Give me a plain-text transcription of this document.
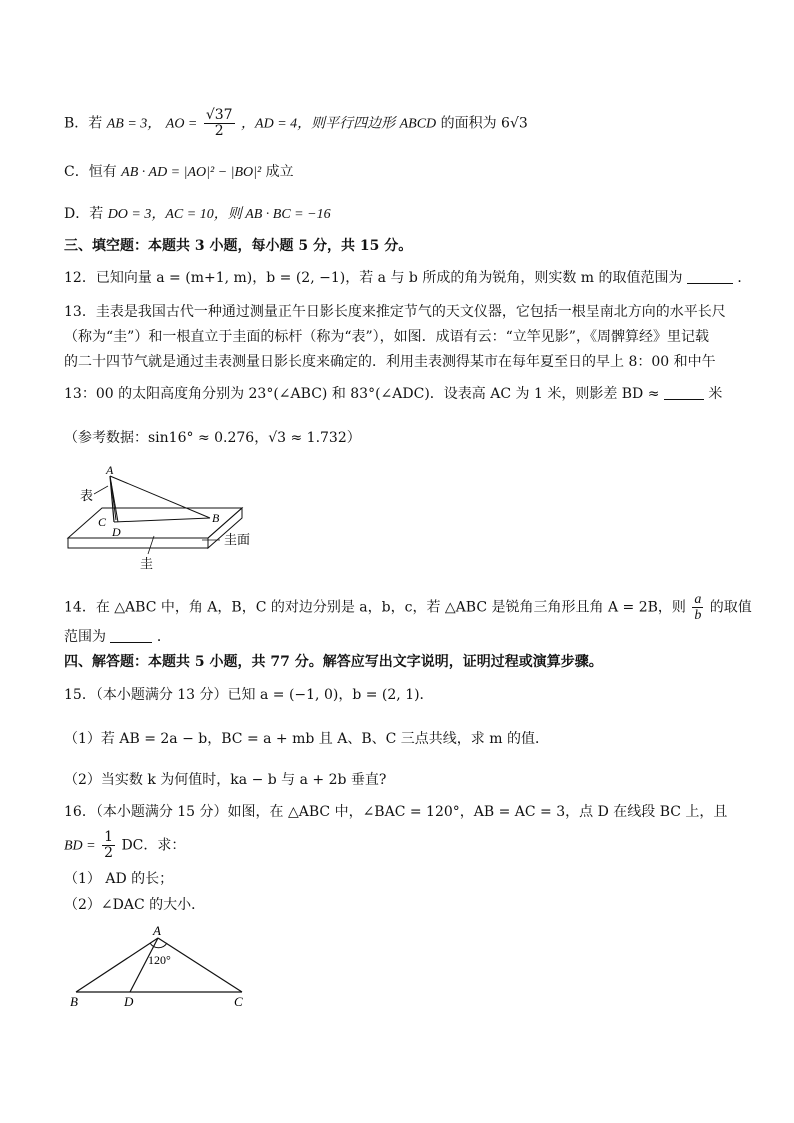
B．若 AB = 3， AO = $\frac{√37}{2}$ ，AD = 4，则平行四边形 ABCD 的面积为 6√3
C．恒有 AB · AD = |AO|² − |BO|² 成立
D．若 DO = 3，AC = 10，则 AB · BC = −16
三、填空题：本题共 3 小题，每小题 5 分，共 15 分。
12．已知向量 a = (m+1, m)，b = (2, −1)，若 a 与 b 所成的角为锐角，则实数 m 的取值范围为	．
13．圭表是我国古代一种通过测量正午日影长度来推定节气的天文仪器，它包括一根呈南北方向的水平长尺
（称为“圭”）和一根直立于圭面的标杆（称为“表”），如图．成语有云：“立竿见影”，《周髀算经》里记载
的二十四节气就是通过圭表测量日影长度来确定的．利用圭表测得某市在每年夏至日的早上 8：00 和中午
13：00 的太阳高度角分别为 23°(∠ABC) 和 83°(∠ADC)．设表高 AC 为 1 米，则影差 BD ≈	米
（参考数据：sin16° ≈ 0.276，√3 ≈ 1.732）
A
B
C
D
表
圭面
圭
14．在 △ABC 中，角 A，B，C 的对边分别是 a，b，c，若 △ABC 是锐角三角形且角 A = 2B，则 $\frac{a}{b}$ 的取值
范围为	．
四、解答题：本题共 5 小题，共 77 分。解答应写出文字说明，证明过程或演算步骤。
15．（本小题满分 13 分）已知 a = (−1, 0)，b = (2, 1)．
（1）若 AB = 2a − b，BC = a + mb 且 A、B、C 三点共线，求 m 的值．
（2）当实数 k 为何值时，ka − b 与 a + 2b 垂直?
16．（本小题满分 15 分）如图，在 △ABC 中，∠BAC = 120°，AB = AC = 3，点 D 在线段 BC 上，且
BD = $\frac{1}{2}$ DC．求：
（1） AD 的长；
（2）∠DAC 的大小．
A
B	C
D
120°
